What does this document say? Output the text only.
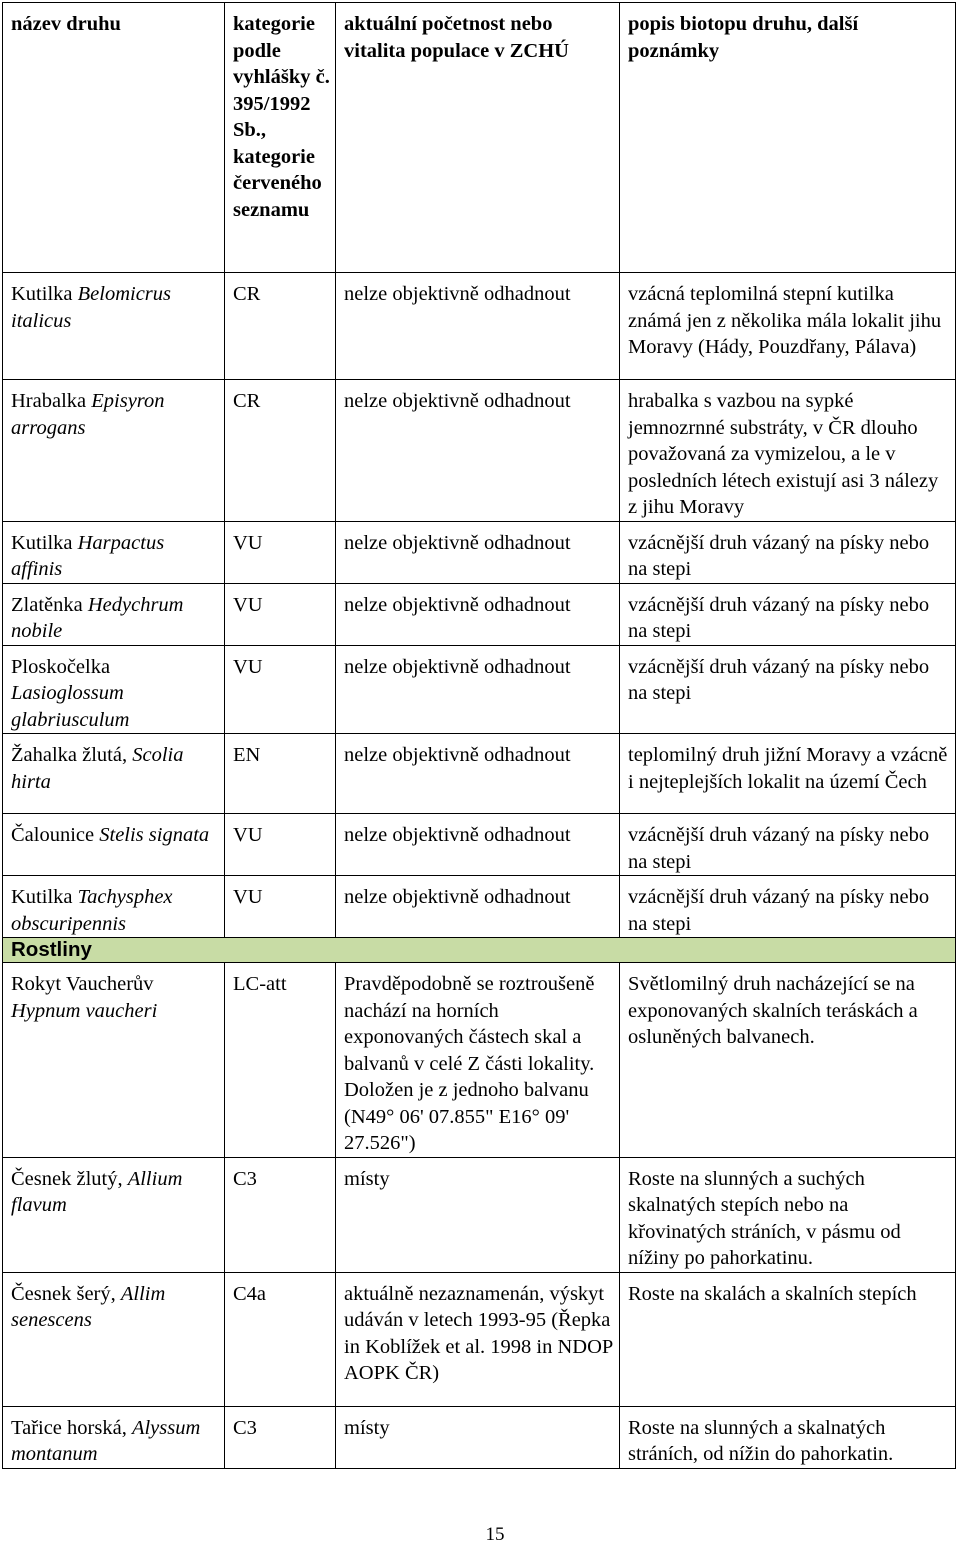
název druhu	kategorie podle vyhlášky č. 395/1992 Sb., kategorie červeného seznamu	aktuální početnost nebo vitalita populace v ZCHÚ	popis biotopu druhu, další poznámky
Kutilka Belomicrus italicus	CR	nelze objektivně odhadnout	vzácná teplomilná stepní kutilka známá jen z několika mála lokalit jihu Moravy (Hády, Pouzdřany, Pálava)
Hrabalka Episyron arrogans	CR	nelze objektivně odhadnout	hrabalka s vazbou na sypké jemnozrnné substráty, v ČR dlouho považovaná za vymizelou, a le v posledních létech existují asi 3 nálezy z jihu Moravy
Kutilka Harpactus affinis	VU	nelze objektivně odhadnout	vzácnější druh vázaný na písky nebo na stepi
Zlatěnka Hedychrum nobile	VU	nelze objektivně odhadnout	vzácnější druh vázaný na písky nebo na stepi
Ploskočelka Lasioglossum glabriusculum	VU	nelze objektivně odhadnout	vzácnější druh vázaný na písky nebo na stepi
Žahalka žlutá, Scolia hirta	EN	nelze objektivně odhadnout	teplomilný druh jižní Moravy a vzácně i nejteplejších lokalit na území Čech
Čalounice Stelis signata	VU	nelze objektivně odhadnout	vzácnější druh vázaný na písky nebo na stepi
Kutilka Tachysphex obscuripennis	VU	nelze objektivně odhadnout	vzácnější druh vázaný na písky nebo na stepi
Rostliny			
Rokyt Vaucherův Hypnum vaucheri	LC-att	Pravděpodobně se roztroušeně nachází na horních exponovaných částech skal a balvanů v celé Z části lokality. Doložen je z jednoho balvanu (N49° 06' 07.855" E16° 09' 27.526")	Světlomilný druh nacházející se na exponovaných skalních teráskách a osluněných balvanech.
Česnek žlutý, Allium flavum	C3	místy	Roste na slunných a suchých skalnatých stepích nebo na křovinatých stráních, v pásmu od nížiny po pahorkatinu.
Česnek šerý, Allim senescens	C4a	aktuálně nezaznamenán, výskyt udáván v letech 1993-95 (Řepka in Koblížek et al. 1998 in NDOP AOPK ČR)	Roste na skalách a skalních stepích
Tařice horská, Alyssum montanum	C3	místy	Roste na slunných a skalnatých stráních, od nížin do pahorkatin.
15
